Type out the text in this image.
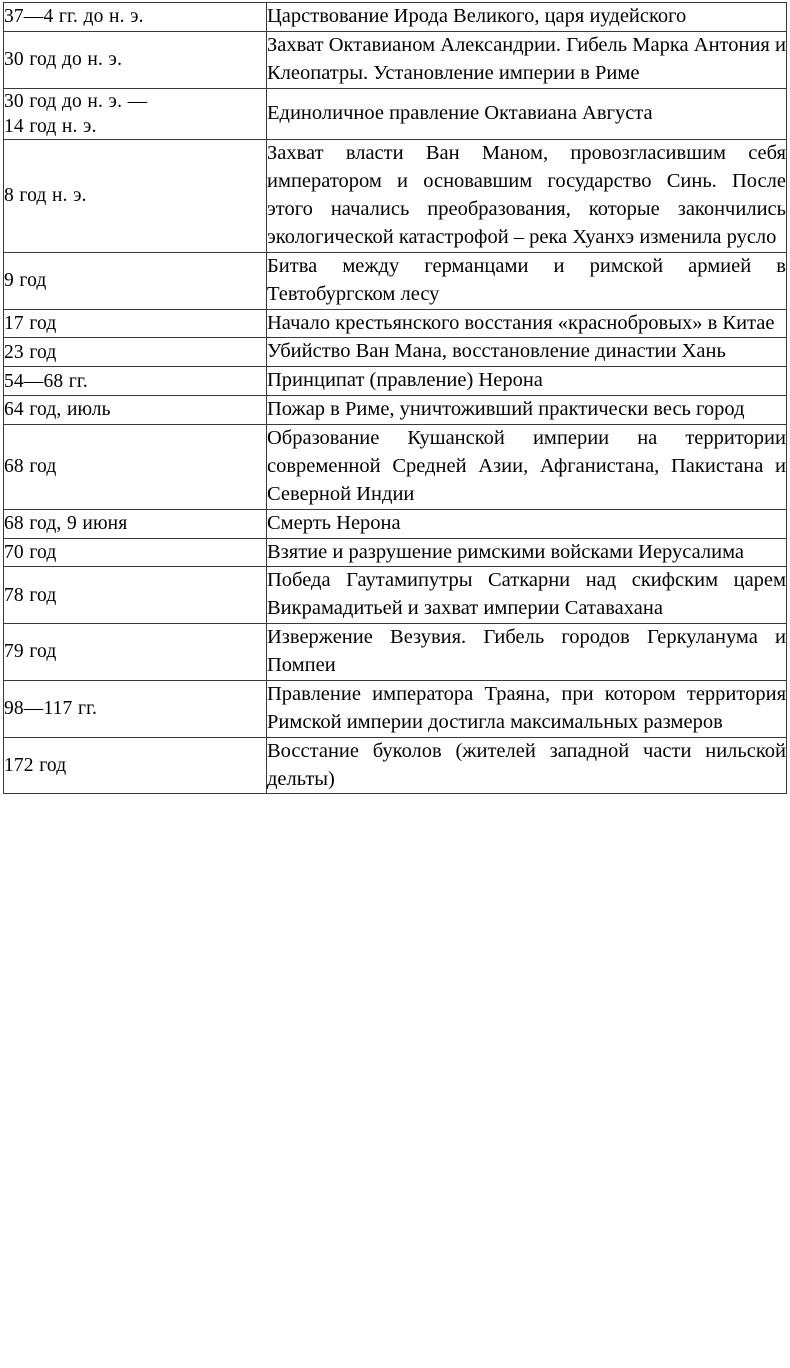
37—4 гг. до н. э.	Царствование Ирода Великого, царя иудейского

30 год до н. э.	Захват Октавианом Александрии. Гибель Марка Антония и Клеопатры. Установление империи в Риме

30 год до н. э. —
14 год н. э.	Единоличное правление Октавиана Августа

8 год н. э.	Захват власти Ван Маном, провозгласившим себя императором и основавшим государство Синь. После этого начались преобразования, которые закончились экологической катастрофой – река Хуанхэ изменила русло

9 год	Битва между германцами и римской армией в Тевтобургском лесу

17 год	Начало крестьянского восстания «краснобровых» в Китае

23 год	Убийство Ван Мана, восстановление династии Хань

54—68 гг.	Принципат (правление) Нерона

64 год, июль	Пожар в Риме, уничтоживший практически весь город

68 год	Образование Кушанской империи на территории современной Средней Азии, Афганистана, Пакистана и Северной Индии

68 год, 9 июня	Смерть Нерона

70 год	Взятие и разрушение римскими войсками Иерусалима

78 год	Победа Гаутамипутры Саткарни над скифским царем Викрамадитьей и захват империи Сатавахана

79 год	Извержение Везувия. Гибель городов Геркуланума и Помпеи

98—117 гг.	Правление императора Траяна, при котором территория Римской империи достигла максимальных размеров

172 год	Восстание буколов (жителей западной части нильской дельты)
